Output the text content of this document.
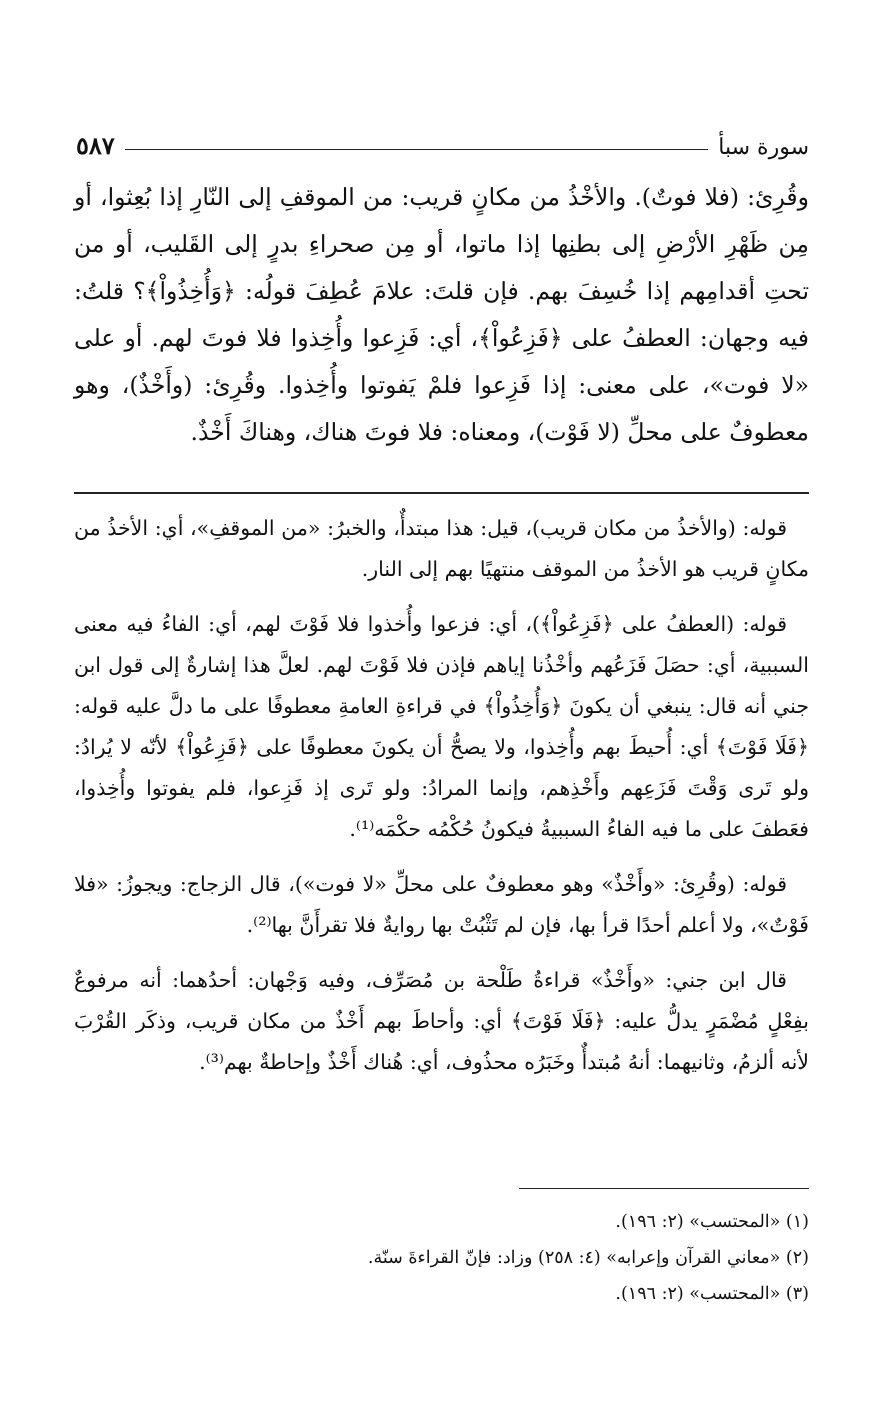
سورة سبأ
٥٨٧

وقُرِئ: (فلا فوتٌ). والأخْذُ من مكانٍ قريب: من الموقفِ إلى النّارِ إذا بُعِثوا، أو مِن ظَهْرِ الأرْضِ إلى بطنِها إذا ماتوا، أو مِن صحراءِ بدرٍ إلى القَليب، أو من تحتِ أقدامِهم إذا خُسِفَ بهم. فإن قلتَ: علامَ عُطِفَ قولُه: ﴿وَأُخِذُواْ﴾؟ قلتُ: فيه وجهان: العطفُ على ﴿فَزِعُواْ﴾، أي: فَزِعوا وأُخِذوا فلا فوتَ لهم. أو على «لا فوت»، على معنى: إذا فَزِعوا فلمْ يَفوتوا وأُخِذوا. وقُرِئ: (وأَخْذٌ)، وهو معطوفٌ على محلِّ (لا فَوْت)، ومعناه: فلا فوتَ هناك، وهناكَ أَخْذٌ.

قوله: (والأخذُ من مكان قريب)، قيل: هذا مبتدأٌ، والخبرُ: «من الموقفِ»، أي: الأخذُ من مكانٍ قريب هو الأخذُ من الموقف منتهيًا بهم إلى النار.

قوله: (العطفُ على ﴿فَزِعُواْ﴾)، أي: فزعوا وأُخذوا فلا فَوْتَ لهم، أي: الفاءُ فيه معنى السببية، أي: حصَلَ فَزَعُهم وأخْذُنا إياهم فإذن فلا فَوْتَ لهم. لعلَّ هذا إشارةٌ إلى قول ابن جني أنه قال: ينبغي أن يكونَ ﴿وَأُخِذُواْ﴾ في قراءةِ العامةِ معطوفًا على ما دلَّ عليه قوله: ﴿فَلَا فَوْتَ﴾ أي: أُحيطَ بهم وأُخِذوا، ولا يصحُّ أن يكونَ معطوفًا على ﴿فَزِعُواْ﴾ لأنّه لا يُرادُ: ولو تَرى وَقْتَ فَزَعِهم وأَخْذِهم، وإنما المرادُ: ولو تَرى إذ فَزِعوا، فلم يفوتوا وأُخِذوا، فعَطفَ على ما فيه الفاءُ السببيةُ فيكونُ حُكْمُه حكْمَه⁽¹⁾.

قوله: (وقُرِئ: «وأَخْذٌ» وهو معطوفٌ على محلِّ «لا فوت»)، قال الزجاج: ويجوزُ: «فلا فَوْتٌ»، ولا أعلم أحدًا قرأ بها، فإن لم تَثْبُتْ بها روايةٌ فلا تقرأَنَّ بها⁽²⁾.

قال ابن جني: «وأَخْذٌ» قراءةُ طَلْحة بن مُصَرِّف، وفيه وَجْهان: أحدُهما: أنه مرفوعٌ بفِعْلٍ مُضْمَرٍ يدلُّ عليه: ﴿فَلَا فَوْتَ﴾ أي: وأحاطَ بهم أَخْذٌ من مكان قريب، وذكَر القُرْبَ لأنه ألزمُ، وثانيهما: أنهُ مُبتدأٌ وخَبَرُه محذُوف، أي: هُناك أَخْذٌ وإحاطةٌ بهم⁽³⁾.

(١) «المحتسب» (٢: ١٩٦).
(٢) «معاني القرآن وإعرابه» (٤: ٢٥٨) وزاد: فإنّ القراءةَ سنّة.
(٣) «المحتسب» (٢: ١٩٦).
